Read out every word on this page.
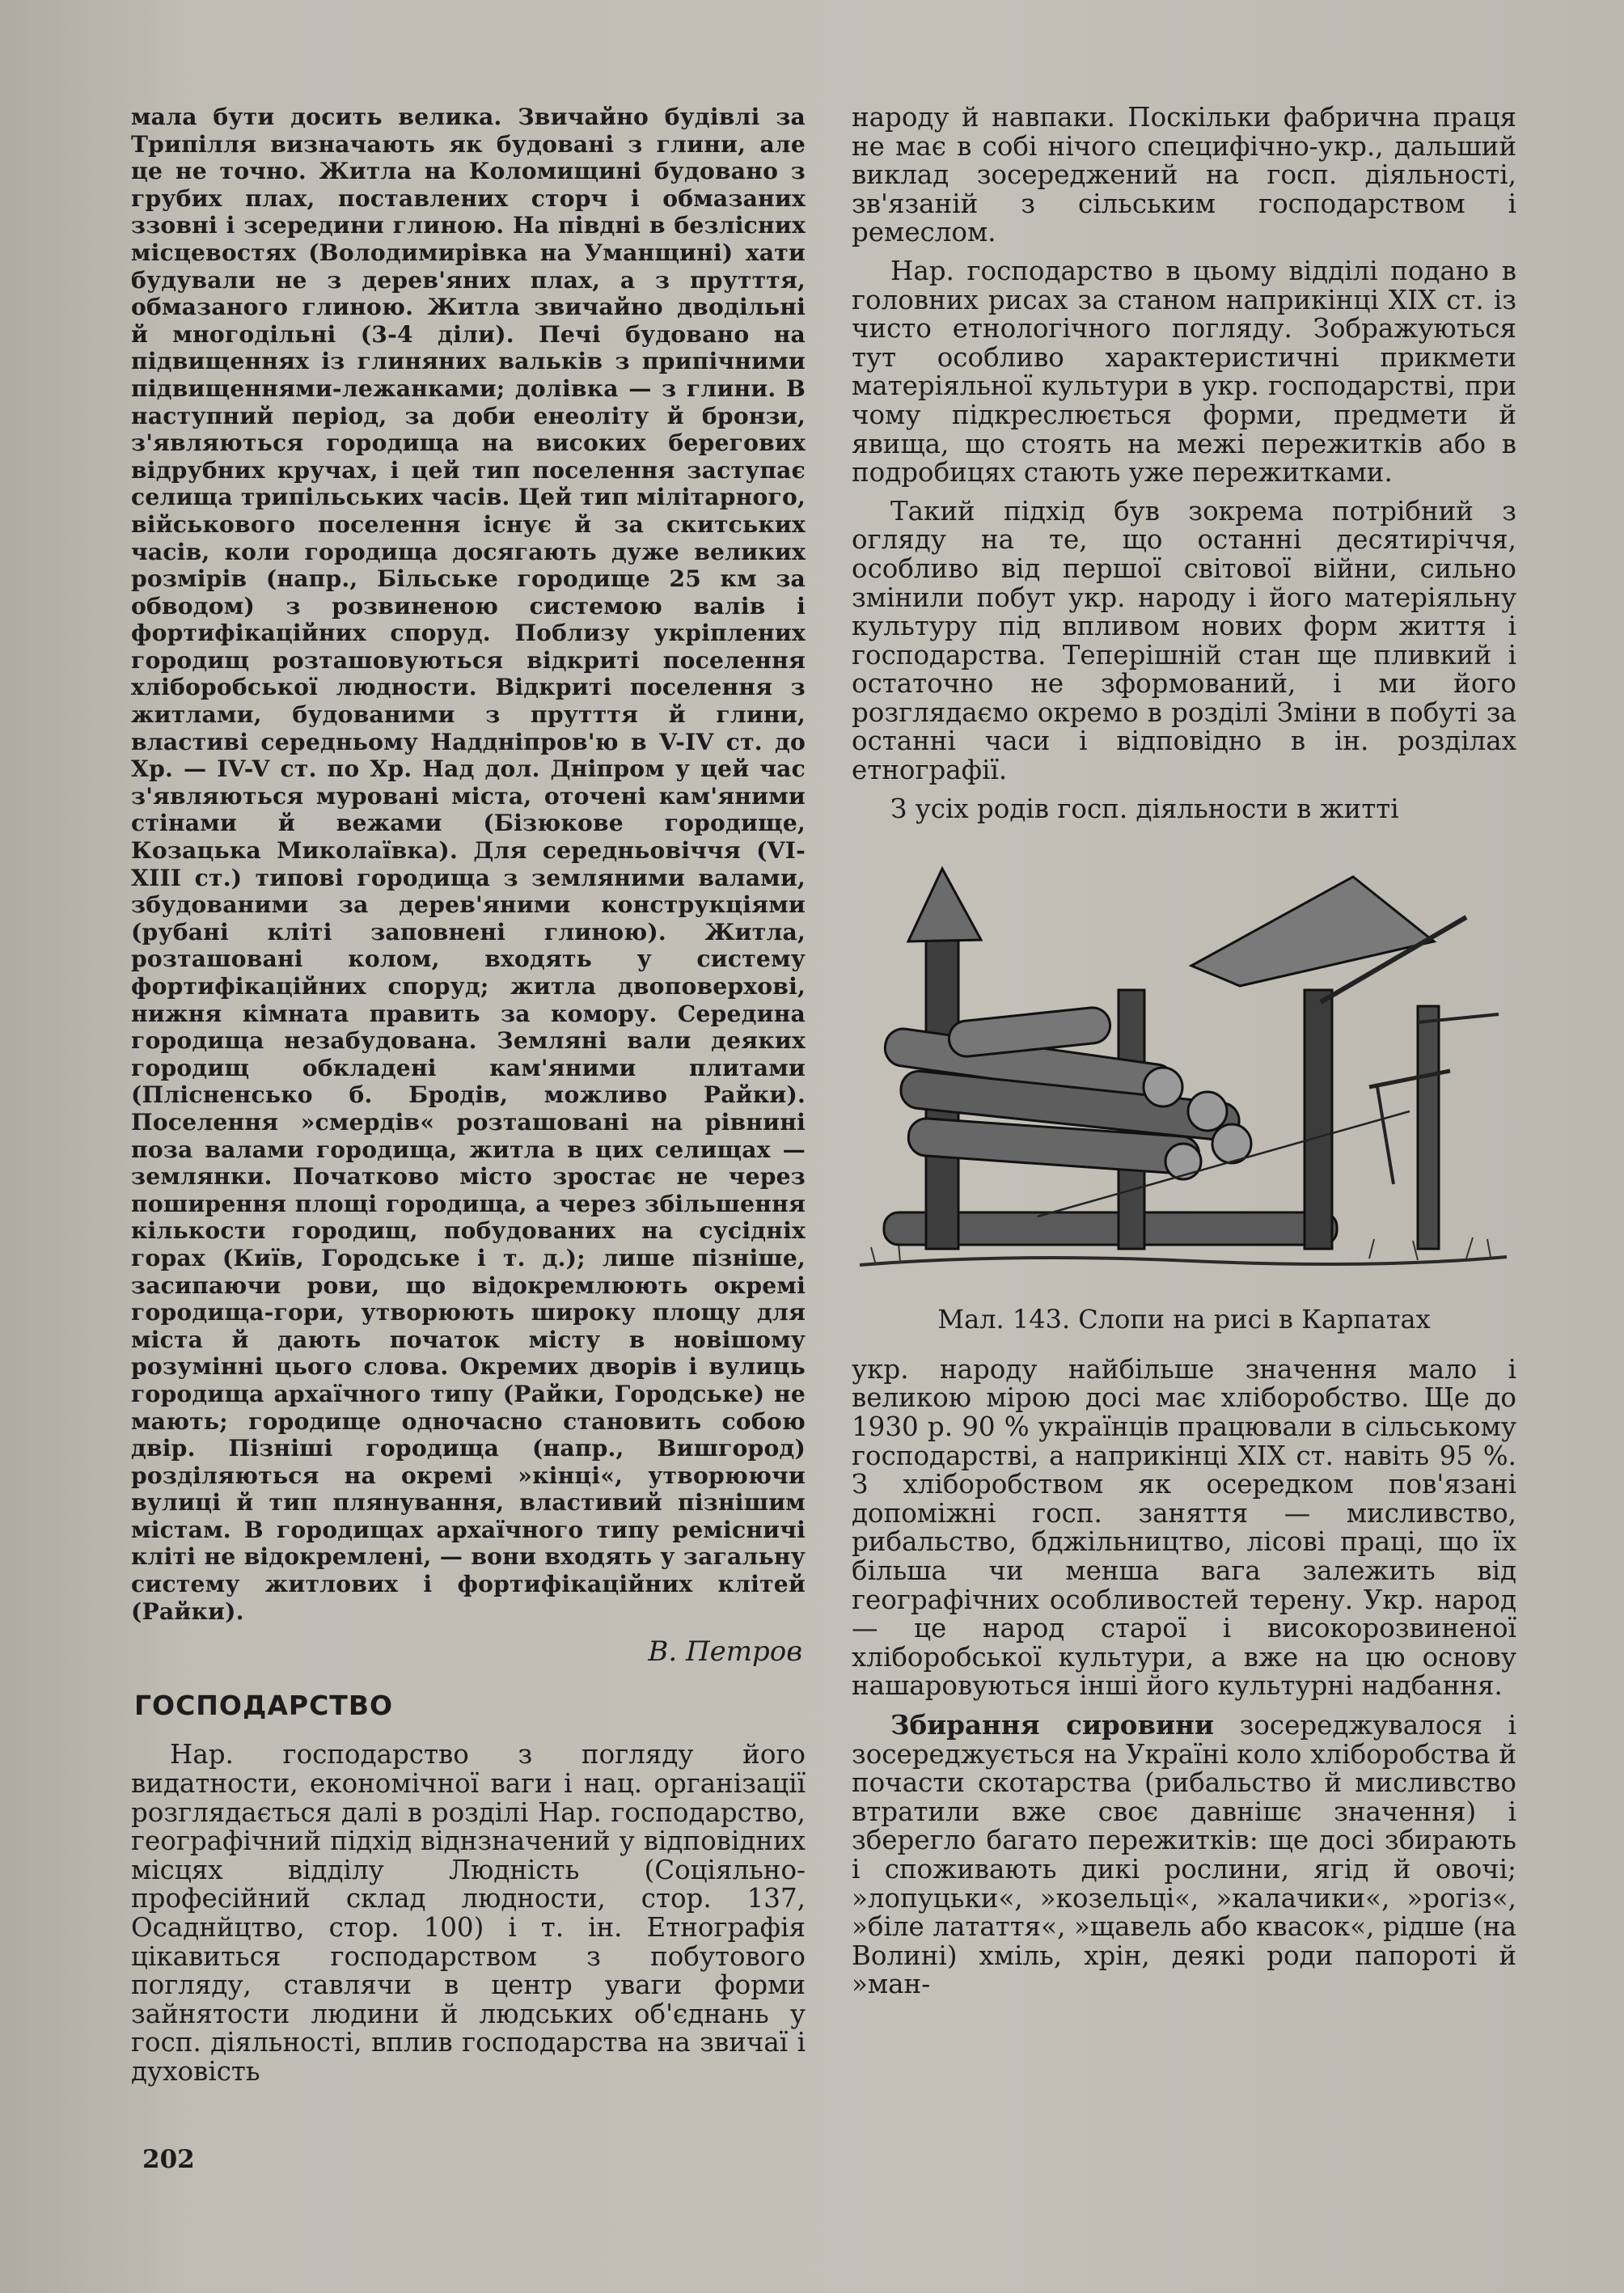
мала бути досить велика. Звичайно будівлі за Трипілля визначають як будовані з глини, але це не точно. Житла на Коломищині будовано з грубих плах, поставлених сторч і обмазаних ззовні і зсередини глиною. На півдні в безлісних місцевостях (Володимирівка на Уманщині) хати будували не з дерев'яних плах, а з прутття, обмазаного глиною. Житла звичайно дводільні й многодільні (3-4 діли). Печі будовано на підвищеннях із глиняних вальків з припічними підвищеннями-лежанками; долівка — з глини. В наступний період, за доби енеоліту й бронзи, з'являються городища на високих берегових відрубних кручах, і цей тип поселення заступає селища трипільських часів. Цей тип мілітарного, військового поселення існує й за скитських часів, коли городища досягають дуже великих розмірів (напр., Більське городище 25 км за обводом) з розвиненою системою валів і фортифікаційних споруд. Поблизу укріплених городищ розташовуються відкриті поселення хліборобської людности. Відкриті поселення з житлами, будованими з прутття й глини, властиві середньому Наддніпров'ю в V-IV ст. до Хр. — IV-V ст. по Хр. Над дол. Дніпром у цей час з'являються муровані міста, оточені кам'яними стінами й вежами (Бізюкове городище, Козацька Миколаївка). Для середньовіччя (VI-XIII ст.) типові городища з земляними валами, збудованими за дерев'яними конструкціями (рубані кліті заповнені глиною). Житла, розташовані колом, входять у систему фортифікаційних споруд; житла двоповерхові, нижня кімната править за комору. Середина городища незабудована. Земляні вали деяких городищ обкладені кам'яними плитами (Плісненсько б. Бродів, можливо Райки). Поселення »смердів« розташовані на рівнині поза валами городища, житла в цих селищах — землянки. Початково місто зростає не через поширення площі городища, а через збільшення кількости городищ, побудованих на сусідніх горах (Київ, Городське і т. д.); лише пізніше, засипаючи рови, що відокремлюють окремі городища-гори, утворюють широку площу для міста й дають початок місту в новішому розумінні цього слова. Окремих дворів і вулиць городища архаїчного типу (Райки, Городське) не мають; городище одночасно становить собою двір. Пізніші городища (напр., Вишгород) розділяються на окремі »кінці«, утворюючи вулиці й тип плянування, властивий пізнішим містам. В городищах архаїчного типу ремісничі кліті не відокремлені, — вони входять у загальну систему житлових і фортифікаційних клітей (Райки).

В. Петров
ГОСПОДАРСТВО

Нар. господарство з погляду його видатности, економічної ваги і нац. організації розглядається далі в розділі Нар. господарство, географічний підхід віднзначений у відповідних місцях відділу Людність (Соціяльно-професійний склад людности, стор. 137, Осаднйцтво, стор. 100) і т. ін. Етнографія цікавиться господарством з побутового погляду, ставлячи в центр уваги форми зайнятости людини й людських об'єднань у госп. діяльності, вплив господарства на звичаї і духовість

народу й навпаки. Поскільки фабрична праця не має в собі нічого специфічно-укр., дальший виклад зосереджений на госп. діяльності, зв'язаній з сільським господарством і ремеслом.

Нар. господарство в цьому відділі подано в головних рисах за станом наприкінці XIX ст. із чисто етнологічного погляду. Зображуються тут особливо характеристичні прикмети матеріяльної культури в укр. господарстві, при чому підкреслюється форми, предмети й явища, що стоять на межі пережитків або в подробицях стають уже пережитками.

Такий підхід був зокрема потрібний з огляду на те, що останні десятиріччя, особливо від першої світової війни, сильно змінили побут укр. народу і його матеріяльну культуру під впливом нових форм життя і господарства. Теперішній стан ще пливкий і остаточно не зформований, і ми його розглядаємо окремо в розділі Зміни в побуті за останні часи і відповідно в ін. розділах етнографії.

З усіх родів госп. діяльности в житті

Мал. 143. Слопи на рисі в Карпатах

укр. народу найбільше значення мало і великою мірою досі має хліборобство. Ще до 1930 р. 90 % українців працювали в сільському господарстві, а наприкінці XIX ст. навіть 95 %. З хліборобством як осередком пов'язані допоміжні госп. заняття — мисливство, рибальство, бджільництво, лісові праці, що їх більша чи менша вага залежить від географічних особливостей терену. Укр. народ — це народ старої і високорозвиненої хліборобської культури, а вже на цю основу нашаровуються інші його культурні надбання.

Збирання сировини зосереджувалося і зосереджується на Україні коло хліборобства й почасти скотарства (рибальство й мисливство втратили вже своє давнішє значення) і зберегло багато пережитків: ще досі збирають і споживають дикі рослини, ягід й овочі; »лопуцьки«, »козельці«, »калачики«, »рогіз«, »біле латаття«, »щавель або квасок«, рідше (на Волині) хміль, хрін, деякі роди папороті й »ман-

202
